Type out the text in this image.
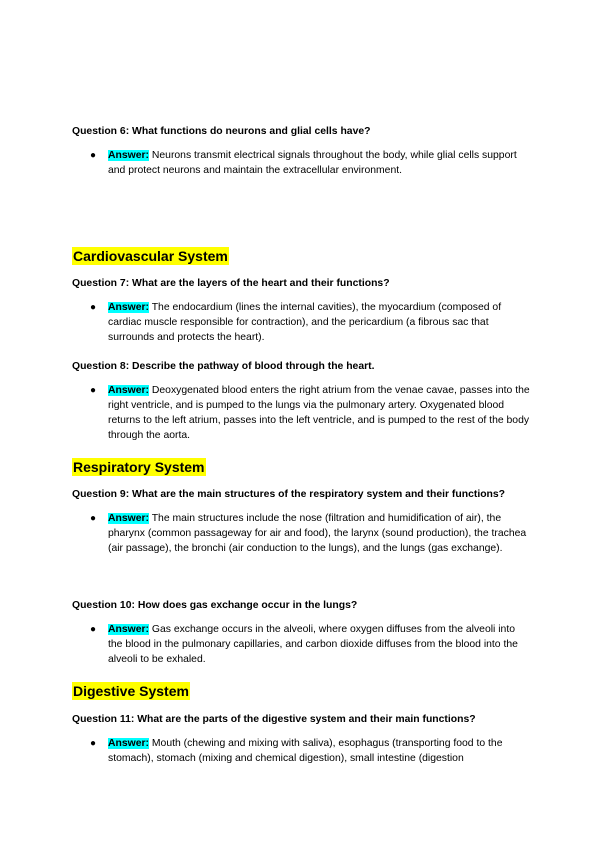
Question 6: What functions do neurons and glial cells have?

● Answer: Neurons transmit electrical signals throughout the body, while glial cells support and protect neurons and maintain the extracellular environment.
Cardiovascular System

Question 7: What are the layers of the heart and their functions?

● Answer: The endocardium (lines the internal cavities), the myocardium (composed of cardiac muscle responsible for contraction), and the pericardium (a fibrous sac that surrounds and protects the heart).

Question 8: Describe the pathway of blood through the heart.

● Answer: Deoxygenated blood enters the right atrium from the venae cavae, passes into the right ventricle, and is pumped to the lungs via the pulmonary artery. Oxygenated blood returns to the left atrium, passes into the left ventricle, and is pumped to the rest of the body through the aorta.
Respiratory System

Question 9: What are the main structures of the respiratory system and their functions?

● Answer: The main structures include the nose (filtration and humidification of air), the pharynx (common passageway for air and food), the larynx (sound production), the trachea (air passage), the bronchi (air conduction to the lungs), and the lungs (gas exchange).

Question 10: How does gas exchange occur in the lungs?

● Answer: Gas exchange occurs in the alveoli, where oxygen diffuses from the alveoli into the blood in the pulmonary capillaries, and carbon dioxide diffuses from the blood into the alveoli to be exhaled.
Digestive System

Question 11: What are the parts of the digestive system and their main functions?

● Answer: Mouth (chewing and mixing with saliva), esophagus (transporting food to the stomach), stomach (mixing and chemical digestion), small intestine (digestion
